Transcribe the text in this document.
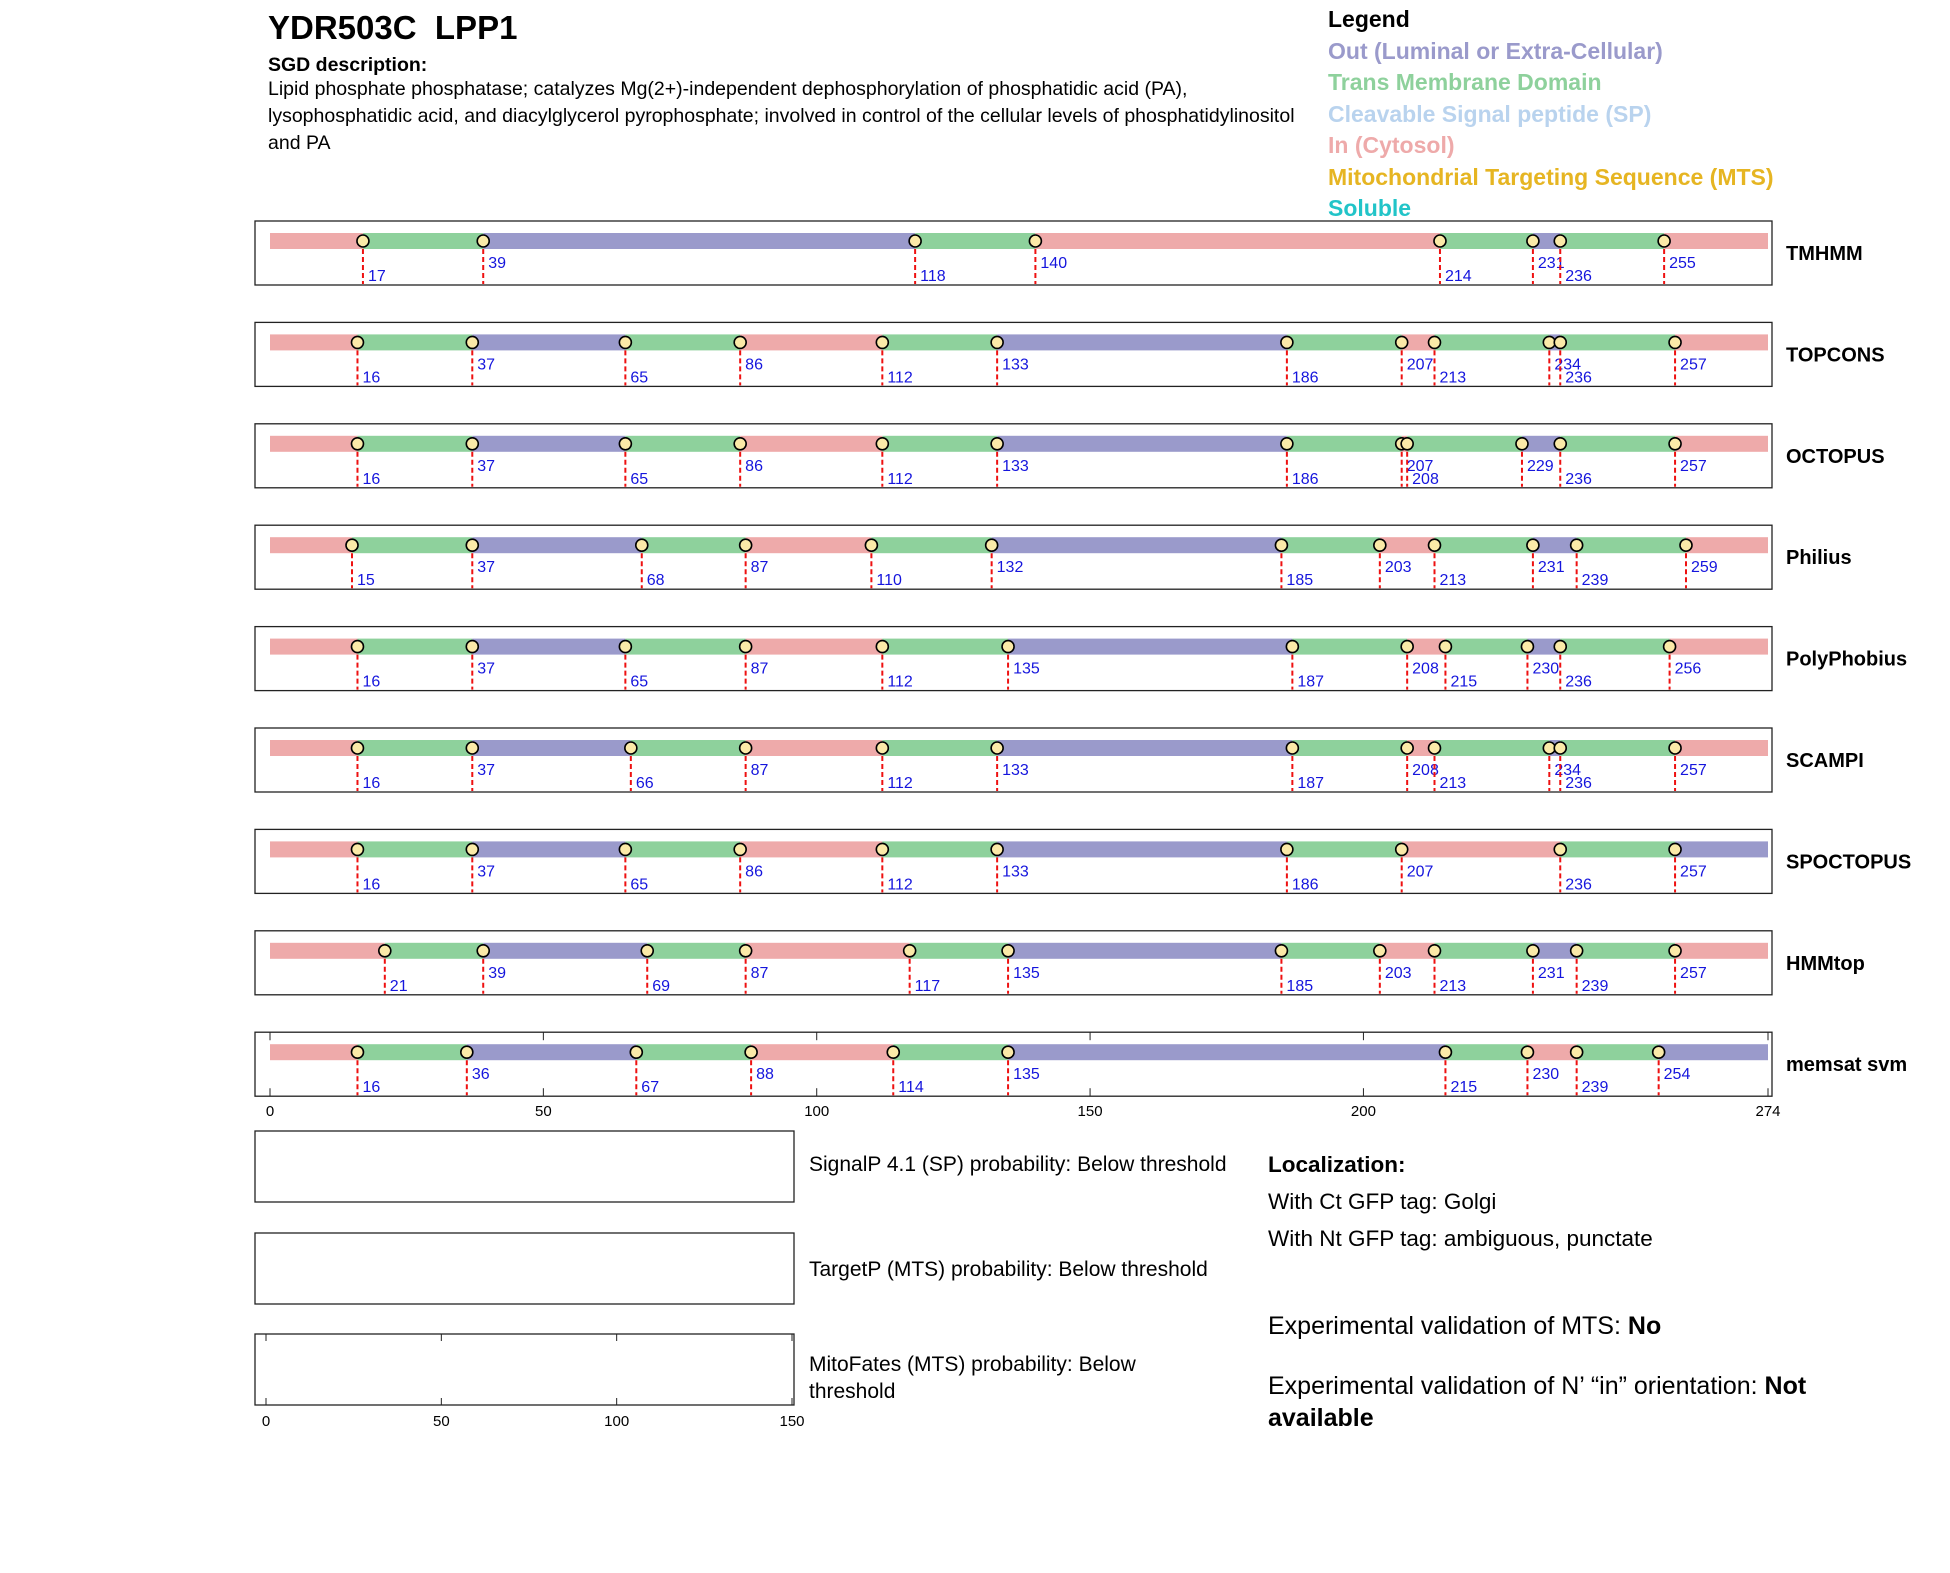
YDR503C  LPP1
SGD description:
Lipid phosphate phosphatase; catalyzes Mg(2+)-independent dephosphorylation of phosphatidic acid (PA), lysophosphatidic acid, and diacylglycerol pyrophosphate; involved in control of the cellular levels of phosphatidylinositol and PA
Legend
Out (Luminal or Extra-Cellular)
Trans Membrane Domain
Cleavable Signal peptide (SP)
In (Cytosol)
Mitochondrial Targeting Sequence (MTS)
Soluble
17
39
118
140
214
231
236
255	TMHMM
16
37
65
86
112
133
186
207
213
234
236
257	TOPCONS
16
37
65
86
112
133
186
207
208
229
236
257	OCTOPUS
15
37
68
87
110
132
185
203
213
231
239
259	Philius
16
37
65
87
112
135
187
208
215
230
236
256	PolyPhobius
16
37
66
87
112
133
187
208
213
234
236
257	SCAMPI
16
37
65
86
112
133
186
207
236
257	SPOCTOPUS
21
39
69
87
117
135
185
203
213
231
239
257	HMMtop
16
36
67
88
114
135
215
230
239
254	memsat svm
0	50	100	150	200	274
0	50	100	150
SignalP 4.1 (SP) probability: Below threshold
TargetP (MTS) probability: Below threshold
MitoFates (MTS) probability: Below threshold
Localization:
With Ct GFP tag: Golgi
With Nt GFP tag: ambiguous, punctate
Experimental validation of MTS: No
Experimental validation of N’ “in” orientation: Not available
